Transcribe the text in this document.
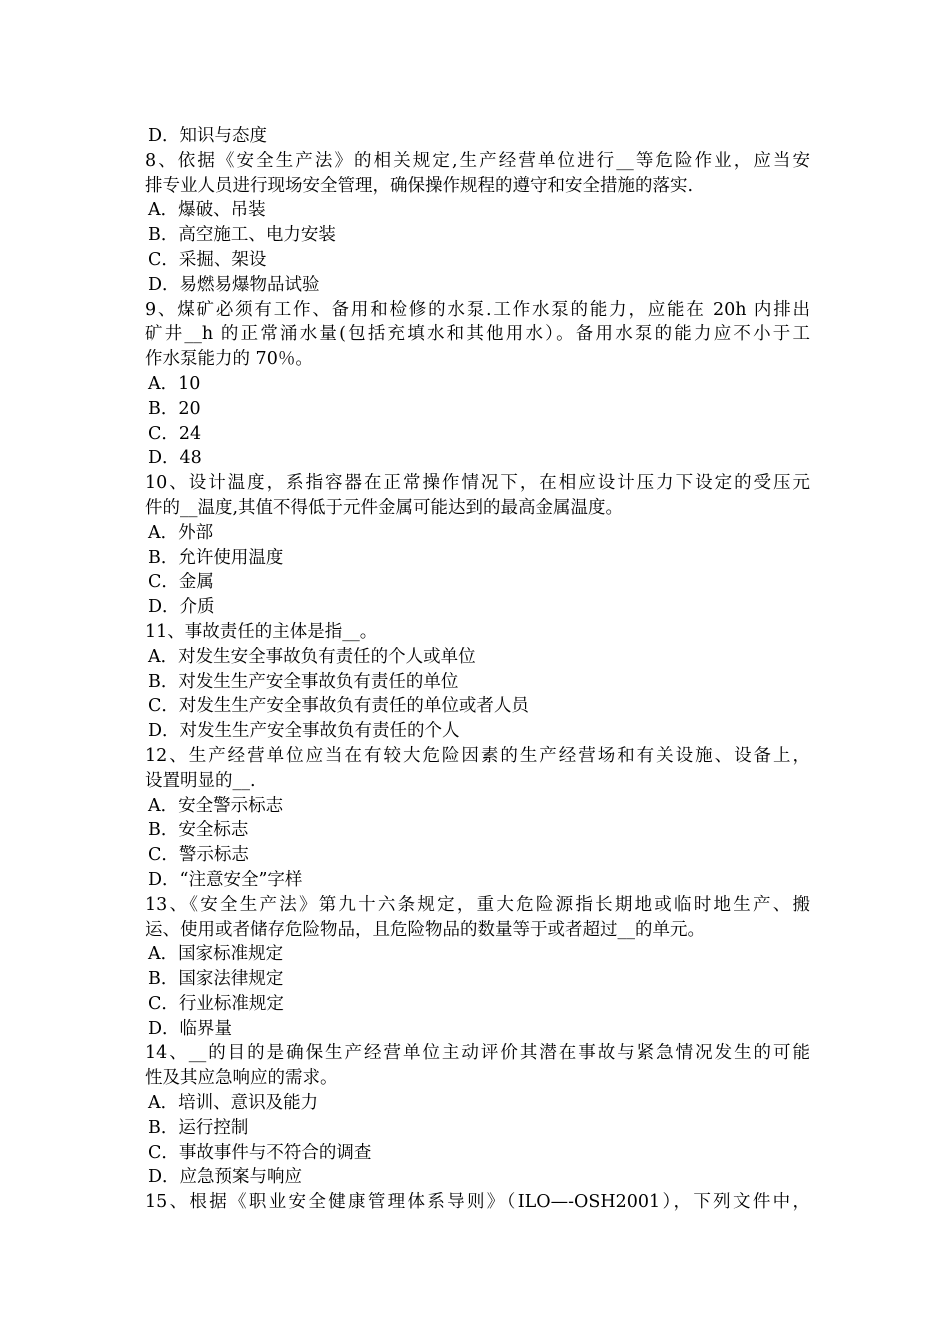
D．知识与态度
8、依据《安全生产法》的相关规定,生产经营单位进行__等危险作业，应当安
排专业人员进行现场安全管理，确保操作规程的遵守和安全措施的落实.
A．爆破、吊装
B．高空施工、电力安装
C．采掘、架设
D．易燃易爆物品试验
9、煤矿必须有工作、备用和检修的水泵.工作水泵的能力，应能在 20h 内排出
矿井__h 的正常涌水量(包括充填水和其他用水）。备用水泵的能力应不小于工
作水泵能力的 70％。
A．10
B．20
C．24
D．48
10、设计温度，系指容器在正常操作情况下，在相应设计压力下设定的受压元
件的__温度,其值不得低于元件金属可能达到的最高金属温度。
A．外部
B．允许使用温度
C．金属
D．介质
11、事故责任的主体是指__。
A．对发生安全事故负有责任的个人或单位
B．对发生生产安全事故负有责任的单位
C．对发生生产安全事故负有责任的单位或者人员
D．对发生生产安全事故负有责任的个人
12、生产经营单位应当在有较大危险因素的生产经营场和有关设施、设备上，
设置明显的__.
A．安全警示标志
B．安全标志
C．警示标志
D．“注意安全”字样
13、《安全生产法》第九十六条规定，重大危险源指长期地或临时地生产、搬
运、使用或者储存危险物品，且危险物品的数量等于或者超过__的单元。
A．国家标准规定
B．国家法律规定
C．行业标准规定
D．临界量
14、__的目的是确保生产经营单位主动评价其潜在事故与紧急情况发生的可能
性及其应急响应的需求。
A．培训、意识及能力
B．运行控制
C．事故事件与不符合的调查
D．应急预案与响应
15、根据《职业安全健康管理体系导则》（ILO—-OSH2001），下列文件中，
